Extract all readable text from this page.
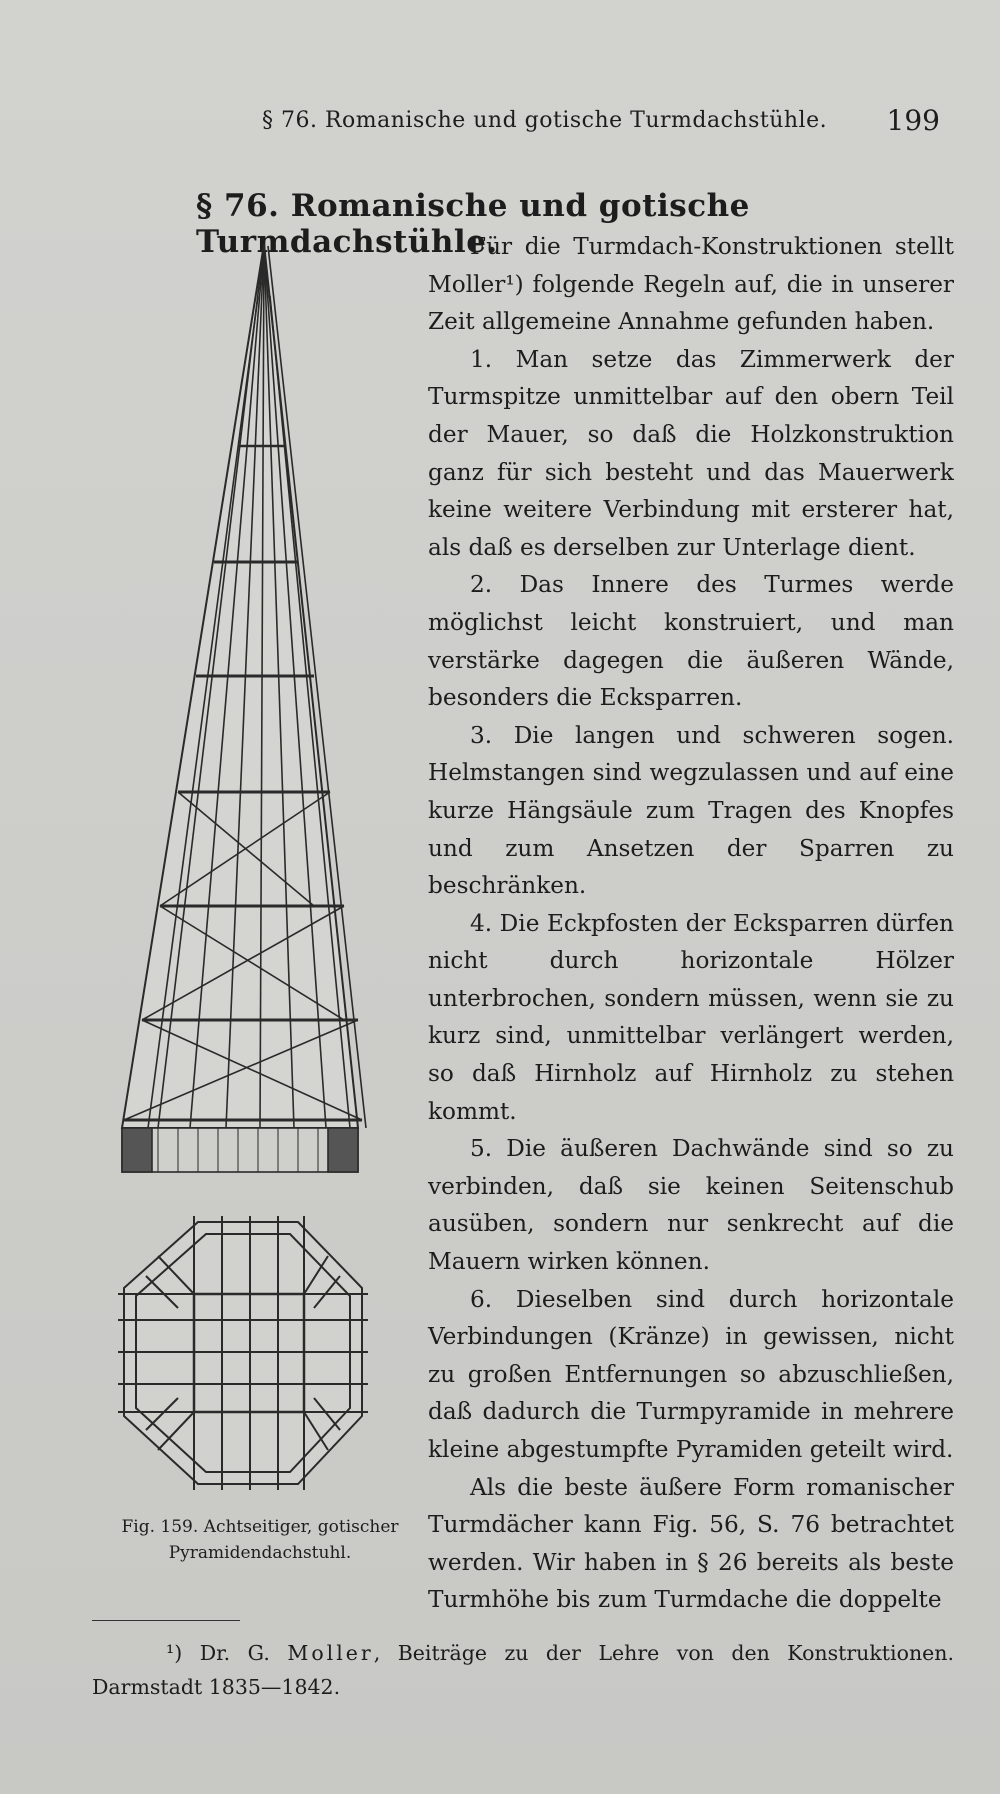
§ 76. Romanische und gotische Turmdachstühle. 199
§ 76. Romanische und gotische Turmdachstühle.
Fig. 159. Achtseitiger, gotischer
Pyramidendachstuhl.

Für die Turmdach-Konstruktionen stellt Moller¹) folgende Regeln auf, die in unserer Zeit allgemeine Annahme gefunden haben.

1. Man setze das Zimmerwerk der Turmspitze unmittelbar auf den obern Teil der Mauer, so daß die Holzkonstruktion ganz für sich besteht und das Mauerwerk keine weitere Verbindung mit ersterer hat, als daß es derselben zur Unterlage dient.

2. Das Innere des Turmes werde möglichst leicht konstruiert, und man verstärke dagegen die äußeren Wände, besonders die Ecksparren.

3. Die langen und schweren sogen. Helmstangen sind wegzulassen und auf eine kurze Hängsäule zum Tragen des Knopfes und zum Ansetzen der Sparren zu beschränken.

4. Die Eckpfosten der Ecksparren dürfen nicht durch horizontale Hölzer unterbrochen, sondern müssen, wenn sie zu kurz sind, unmittelbar verlängert werden, so daß Hirnholz auf Hirnholz zu stehen kommt.

5. Die äußeren Dachwände sind so zu verbinden, daß sie keinen Seitenschub ausüben, sondern nur senkrecht auf die Mauern wirken können.

6. Dieselben sind durch horizontale Verbindungen (Kränze) in gewissen, nicht zu großen Entfernungen so abzuschließen, daß dadurch die Turmpyramide in mehrere kleine abgestumpfte Pyramiden geteilt wird.

Als die beste äußere Form romanischer Turmdächer kann Fig. 56, S. 76 betrachtet werden. Wir haben in § 26 bereits als beste Turmhöhe bis zum Turmdache die doppelte

¹) Dr. G. Moller, Beiträge zu der Lehre von den Konstruktionen. Darmstadt 1835—1842.
